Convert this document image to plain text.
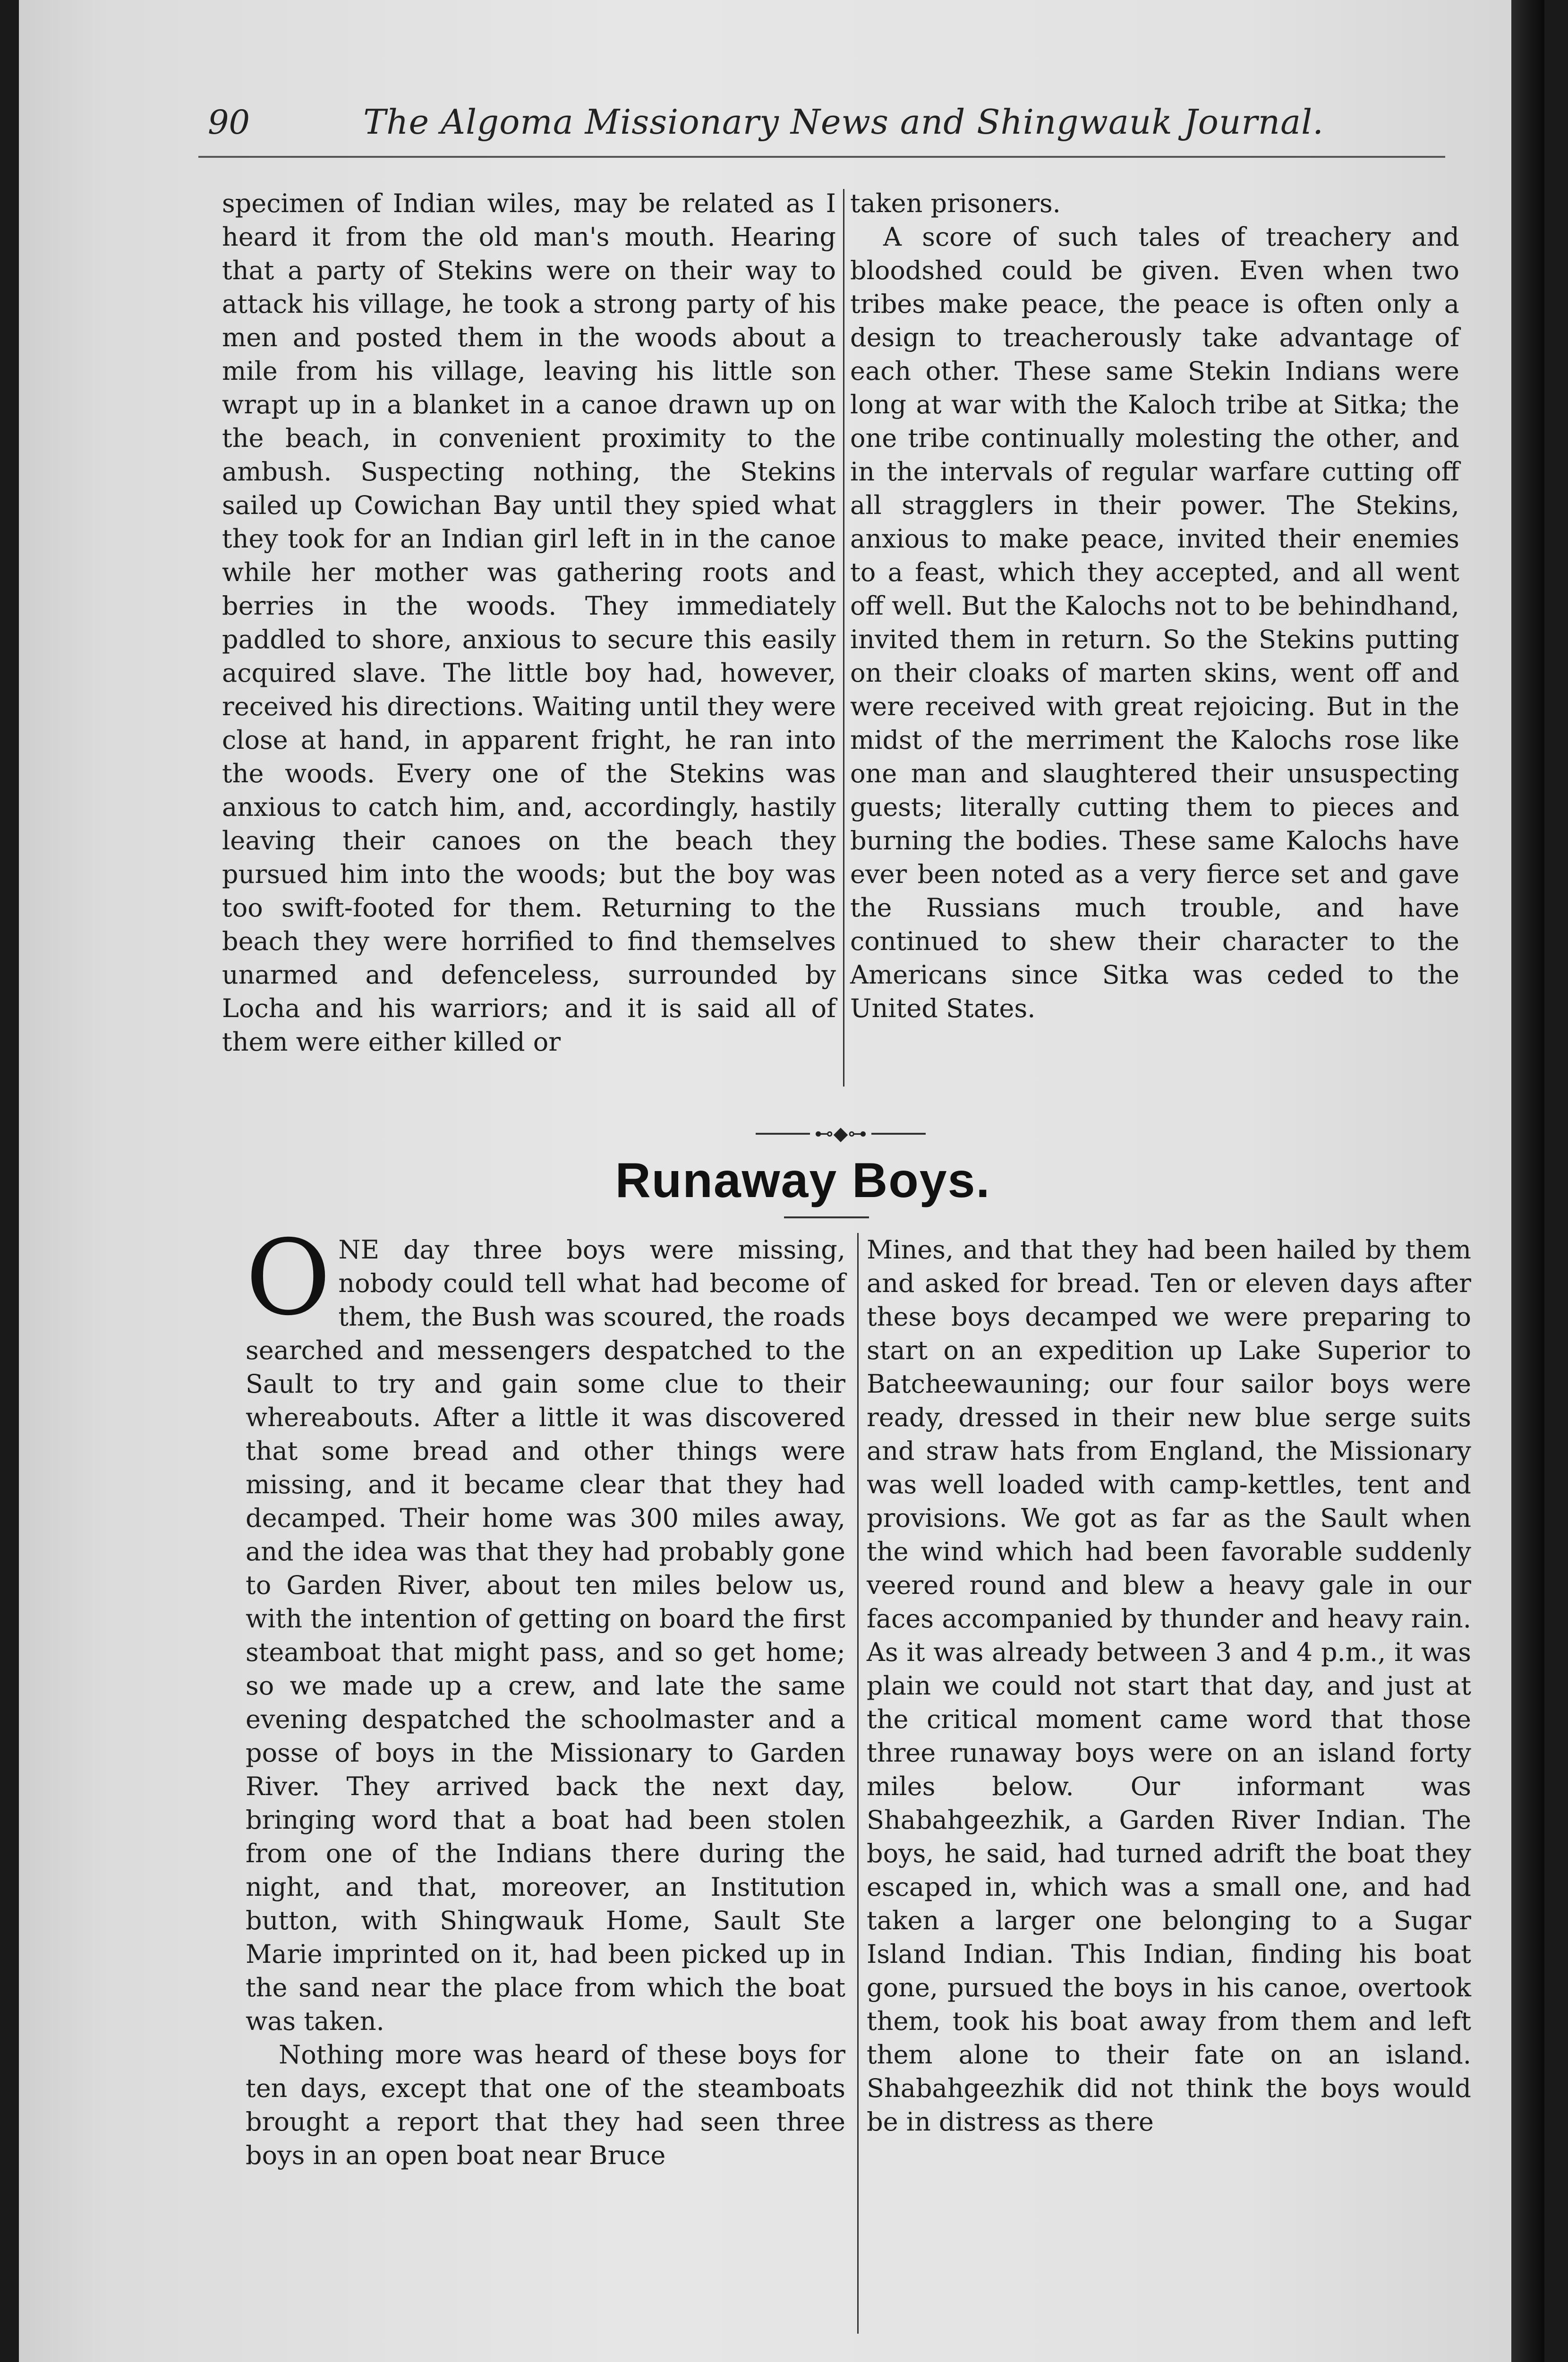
90	The Algoma Missionary News and Shingwauk Journal.

specimen of Indian wiles, may be related as I heard it from the old man's mouth. Hearing that a party of Stekins were on their way to attack his village, he took a strong party of his men and posted them in the woods about a mile from his village, leaving his little son wrapt up in a blanket in a canoe drawn up on the beach, in convenient proximity to the ambush. Suspecting nothing, the Stekins sailed up Cowichan Bay until they spied what they took for an Indian girl left in in the canoe while her mother was gathering roots and berries in the woods. They immediately paddled to shore, anxious to secure this easily acquired slave. The little boy had, however, received his directions. Waiting until they were close at hand, in apparent fright, he ran into the woods. Every one of the Stekins was anxious to catch him, and, accordingly, hastily leaving their canoes on the beach they pursued him into the woods; but the boy was too swift-footed for them. Returning to the beach they were horrified to find themselves unarmed and defenceless, surrounded by Locha and his warriors; and it is said all of them were either killed or

taken prisoners.

A score of such tales of treachery and bloodshed could be given. Even when two tribes make peace, the peace is often only a design to treacherously take advantage of each other. These same Stekin Indians were long at war with the Kaloch tribe at Sitka; the one tribe continually molesting the other, and in the intervals of regular warfare cutting off all stragglers in their power. The Stekins, anxious to make peace, invited their enemies to a feast, which they accepted, and all went off well. But the Kalochs not to be behindhand, invited them in return. So the Stekins putting on their cloaks of marten skins, went off and were received with great rejoicing. But in the midst of the merriment the Kalochs rose like one man and slaughtered their unsuspecting guests; literally cutting them to pieces and burning the bodies. These same Kalochs have ever been noted as a very fierce set and gave the Russians much trouble, and have continued to shew their character to the Americans since Sitka was ceded to the United States.

⊷◆⊶
Runaway Boys.

ONE day three boys were missing, nobody could tell what had become of them, the Bush was scoured, the roads searched and messengers despatched to the Sault to try and gain some clue to their whereabouts. After a little it was discovered that some bread and other things were missing, and it became clear that they had decamped. Their home was 300 miles away, and the idea was that they had probably gone to Garden River, about ten miles below us, with the intention of getting on board the first steamboat that might pass, and so get home; so we made up a crew, and late the same evening despatched the schoolmaster and a posse of boys in the Missionary to Garden River. They arrived back the next day, bringing word that a boat had been stolen from one of the Indians there during the night, and that, moreover, an Institution button, with Shingwauk Home, Sault Ste Marie imprinted on it, had been picked up in the sand near the place from which the boat was taken.

Nothing more was heard of these boys for ten days, except that one of the steamboats brought a report that they had seen three boys in an open boat near Bruce

Mines, and that they had been hailed by them and asked for bread. Ten or eleven days after these boys decamped we were preparing to start on an expedition up Lake Superior to Batcheewauning; our four sailor boys were ready, dressed in their new blue serge suits and straw hats from England, the Missionary was well loaded with camp-kettles, tent and provisions. We got as far as the Sault when the wind which had been favorable suddenly veered round and blew a heavy gale in our faces accompanied by thunder and heavy rain. As it was already between 3 and 4 p.m., it was plain we could not start that day, and just at the critical moment came word that those three runaway boys were on an island forty miles below. Our informant was Shabahgeezhik, a Garden River Indian. The boys, he said, had turned adrift the boat they escaped in, which was a small one, and had taken a larger one belonging to a Sugar Island Indian. This Indian, finding his boat gone, pursued the boys in his canoe, overtook them, took his boat away from them and left them alone to their fate on an island. Shabahgeezhik did not think the boys would be in distress as there
